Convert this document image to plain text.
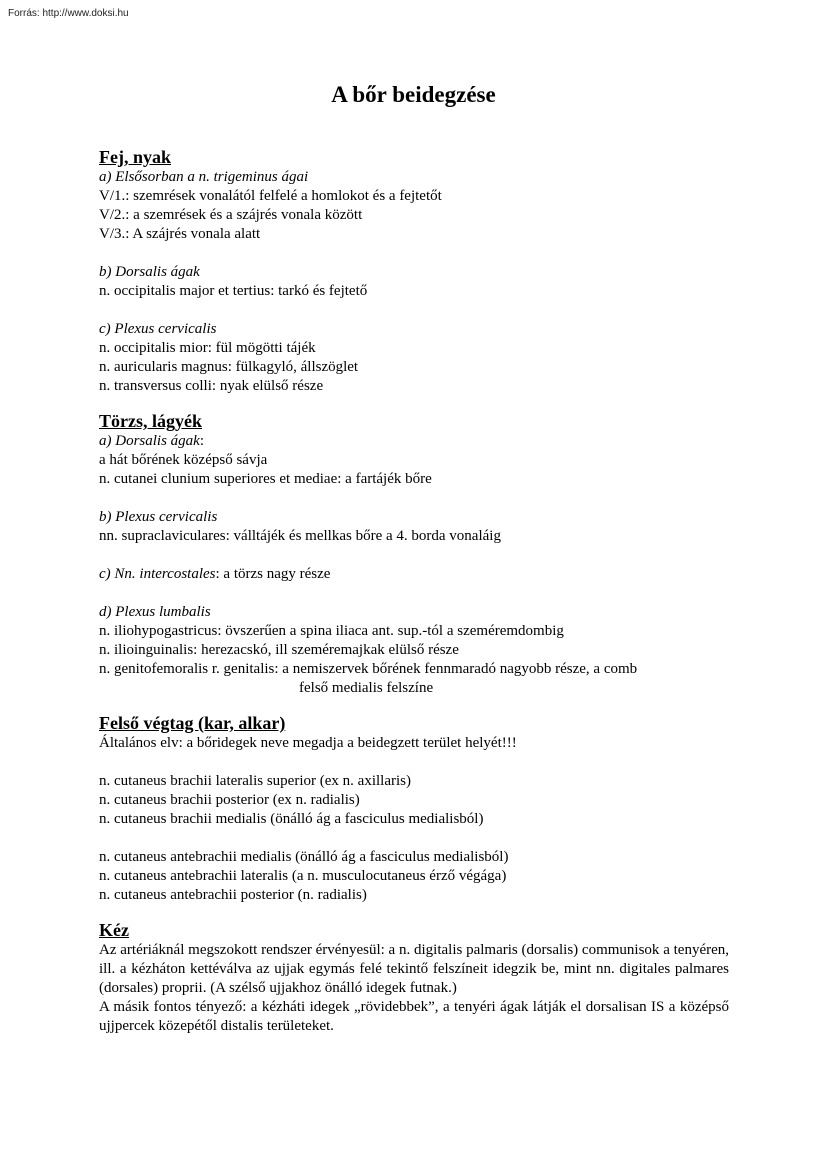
Forrás: http://www.doksi.hu

A bőr beidegzése

Fej, nyak

a) Elsősorban a n. trigeminus ágai

V/1.: szemrések vonalától felfelé a homlokot és a fejtetőt

V/2.: a szemrések és a szájrés vonala között

V/3.: A szájrés vonala alatt

b) Dorsalis ágak

n. occipitalis major et tertius: tarkó és fejtető

c) Plexus cervicalis

n. occipitalis mior: fül mögötti tájék

n. auricularis magnus: fülkagyló, állszöglet

n. transversus colli: nyak elülső része

Törzs, lágyék

a) Dorsalis ágak:

a hát bőrének középső sávja

n. cutanei clunium superiores et mediae: a fartájék bőre

b) Plexus cervicalis

nn. supraclaviculares: válltájék és mellkas bőre a 4. borda vonaláig

c) Nn. intercostales: a törzs nagy része

d) Plexus lumbalis

n. iliohypogastricus: övszerűen a spina iliaca ant. sup.-tól a szeméremdombig

n. ilioinguinalis: herezacskó, ill szeméremajkak elülső része

n. genitofemoralis r. genitalis: a nemiszervek bőrének fennmaradó nagyobb része, a comb

felső medialis felszíne

Felső végtag (kar, alkar)

Általános elv: a bőridegek neve megadja a beidegzett terület helyét!!!

n. cutaneus brachii lateralis superior (ex n. axillaris)

n. cutaneus brachii posterior (ex n. radialis)

n. cutaneus brachii medialis (önálló ág a fasciculus medialisból)

n. cutaneus antebrachii medialis (önálló ág a fasciculus medialisból)

n. cutaneus antebrachii lateralis (a n. musculocutaneus érző végága)

n. cutaneus antebrachii posterior (n. radialis)

Kéz

Az artériáknál megszokott rendszer érvényesül: a n. digitalis palmaris (dorsalis) communisok a tenyéren, ill. a kézháton kettéválva az ujjak egymás felé tekintő felszíneit idegzik be, mint nn. digitales palmares (dorsales) proprii. (A szélső ujjakhoz önálló idegek futnak.)

A másik fontos tényező: a kézháti idegek „rövidebbek”, a tenyéri ágak látják el dorsalisan IS a középső ujjpercek közepétől distalis területeket.
